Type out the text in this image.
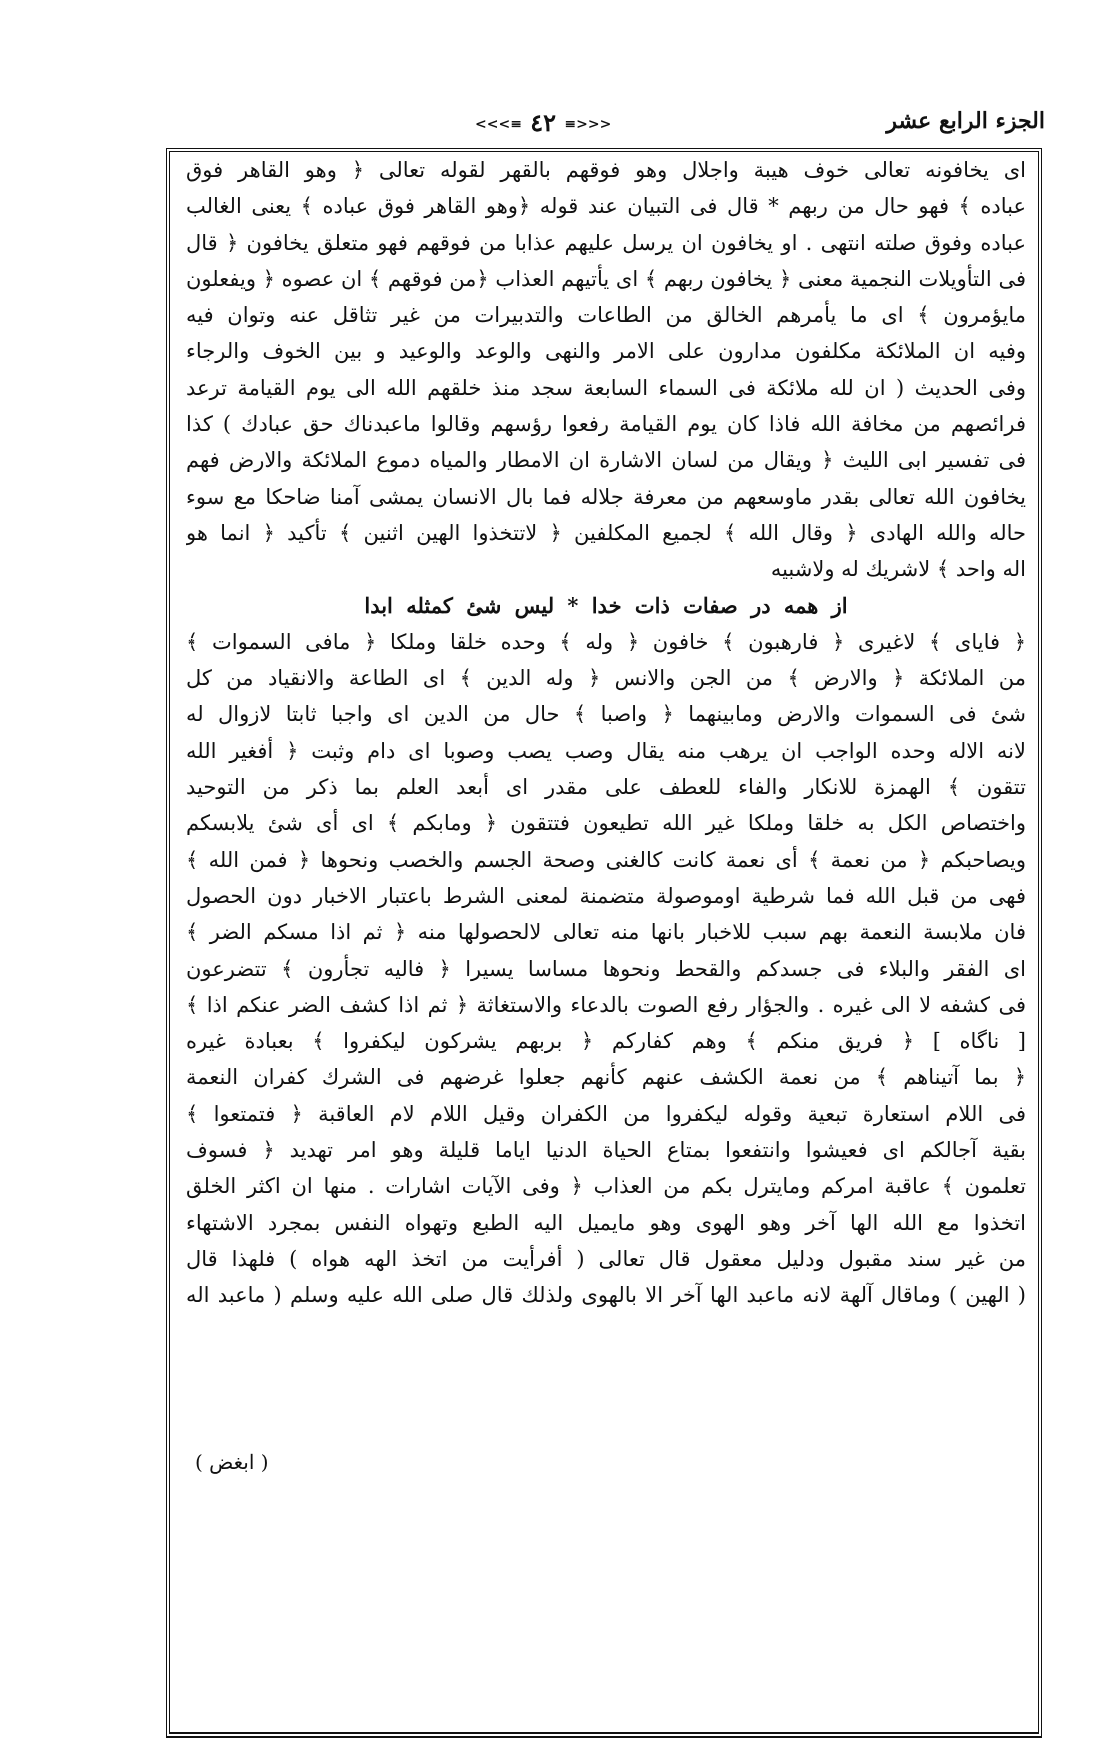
الجزء الرابع عشر
<<<≡ ٤٢ ≡>>>
اى يخافونه تعالى خوف هيبة واجلال وهو فوقهم بالقهر لقوله تعالى ﴿ وهو القاهر فوق
عباده ﴾ فهو حال من ربهم * قال فى التبيان عند قوله ﴿وهو القاهر فوق عباده ﴾ يعنى الغالب
عباده وفوق صلته انتهى . او يخافون ان يرسل عليهم عذابا من فوقهم فهو متعلق يخافون ﴿ قال
فى التأويلات النجمية معنى ﴿ يخافون ربهم ﴾ اى يأتيهم العذاب ﴿من فوقهم ﴾ ان عصوه ﴿ ويفعلون
مايؤمرون ﴾ اى ما يأمرهم الخالق من الطاعات والتدبيرات من غير تثاقل عنه وتوان فيه
وفيه ان الملائكة مكلفون مدارون على الامر والنهى والوعد والوعيد و بين الخوف والرجاء
وفى الحديث ( ان لله ملائكة فى السماء السابعة سجد منذ خلقهم الله الى يوم القيامة ترعد
فرائصهم من مخافة الله فاذا كان يوم القيامة رفعوا رؤسهم وقالوا ماعبدناك حق عبادك ) كذا
فى تفسير ابى الليث ﴿ ويقال من لسان الاشارة ان الامطار والمياه دموع الملائكة والارض فهم
يخافون الله تعالى بقدر ماوسعهم من معرفة جلاله فما بال الانسان يمشى آمنا ضاحكا مع سوء
حاله والله الهادى ﴿ وقال الله ﴾ لجميع المكلفين ﴿ لاتتخذوا الهين اثنين ﴾ تأكيد ﴿ انما هو
اله واحد ﴾ لاشريك له ولاشبيه
از همه در صفات ذات خدا * ليس شئ كمثله ابدا
﴿ فاياى ﴾ لاغيرى ﴿ فارهبون ﴾ خافون ﴿ وله ﴾ وحده خلقا وملكا ﴿ مافى السموات ﴾
من الملائكة ﴿ والارض ﴾ من الجن والانس ﴿ وله الدين ﴾ اى الطاعة والانقياد من كل
شئ فى السموات والارض ومابينهما ﴿ واصبا ﴾ حال من الدين اى واجبا ثابتا لازوال له
لانه الاله وحده الواجب ان يرهب منه يقال وصب يصب وصوبا اى دام وثبت ﴿ أفغير الله
تتقون ﴾ الهمزة للانكار والفاء للعطف على مقدر اى أبعد العلم بما ذكر من التوحيد
واختصاص الكل به خلقا وملكا غير الله تطيعون فتتقون ﴿ ومابكم ﴾ اى أى شئ يلابسكم
ويصاحبكم ﴿ من نعمة ﴾ أى نعمة كانت كالغنى وصحة الجسم والخصب ونحوها ﴿ فمن الله ﴾
فهى من قبل الله فما شرطية اوموصولة متضمنة لمعنى الشرط باعتبار الاخبار دون الحصول
فان ملابسة النعمة بهم سبب للاخبار بانها منه تعالى لالحصولها منه ﴿ ثم اذا مسكم الضر ﴾
اى الفقر والبلاء فى جسدكم والقحط ونحوها مساسا يسيرا ﴿ فاليه تجأرون ﴾ تتضرعون
فى كشفه لا الى غيره . والجؤار رفع الصوت بالدعاء والاستغاثة ﴿ ثم اذا كشف الضر عنكم اذا ﴾
[ ناگاه ] ﴿ فريق منكم ﴾ وهم كفاركم ﴿ بربهم يشركون ليكفروا ﴾ بعبادة غيره
﴿ بما آتيناهم ﴾ من نعمة الكشف عنهم كأنهم جعلوا غرضهم فى الشرك كفران النعمة
فى اللام استعارة تبعية وقوله ليكفروا من الكفران وقيل اللام لام العاقبة ﴿ فتمتعوا ﴾
بقية آجالكم اى فعيشوا وانتفعوا بمتاع الحياة الدنيا اياما قليلة وهو امر تهديد ﴿ فسوف
تعلمون ﴾ عاقبة امركم ومايترل بكم من العذاب ﴿ وفى الآيات اشارات . منها ان اكثر الخلق
اتخذوا مع الله الها آخر وهو الهوى وهو مايميل اليه الطبع وتهواه النفس بمجرد الاشتهاء
من غير سند مقبول ودليل معقول قال تعالى ( أفرأيت من اتخذ الهه هواه ) فلهذا قال
( الهين ) وماقال آلهة لانه ماعبد الها آخر الا بالهوى ولذلك قال صلى الله عليه وسلم ( ماعبد اله
( ابغض )
